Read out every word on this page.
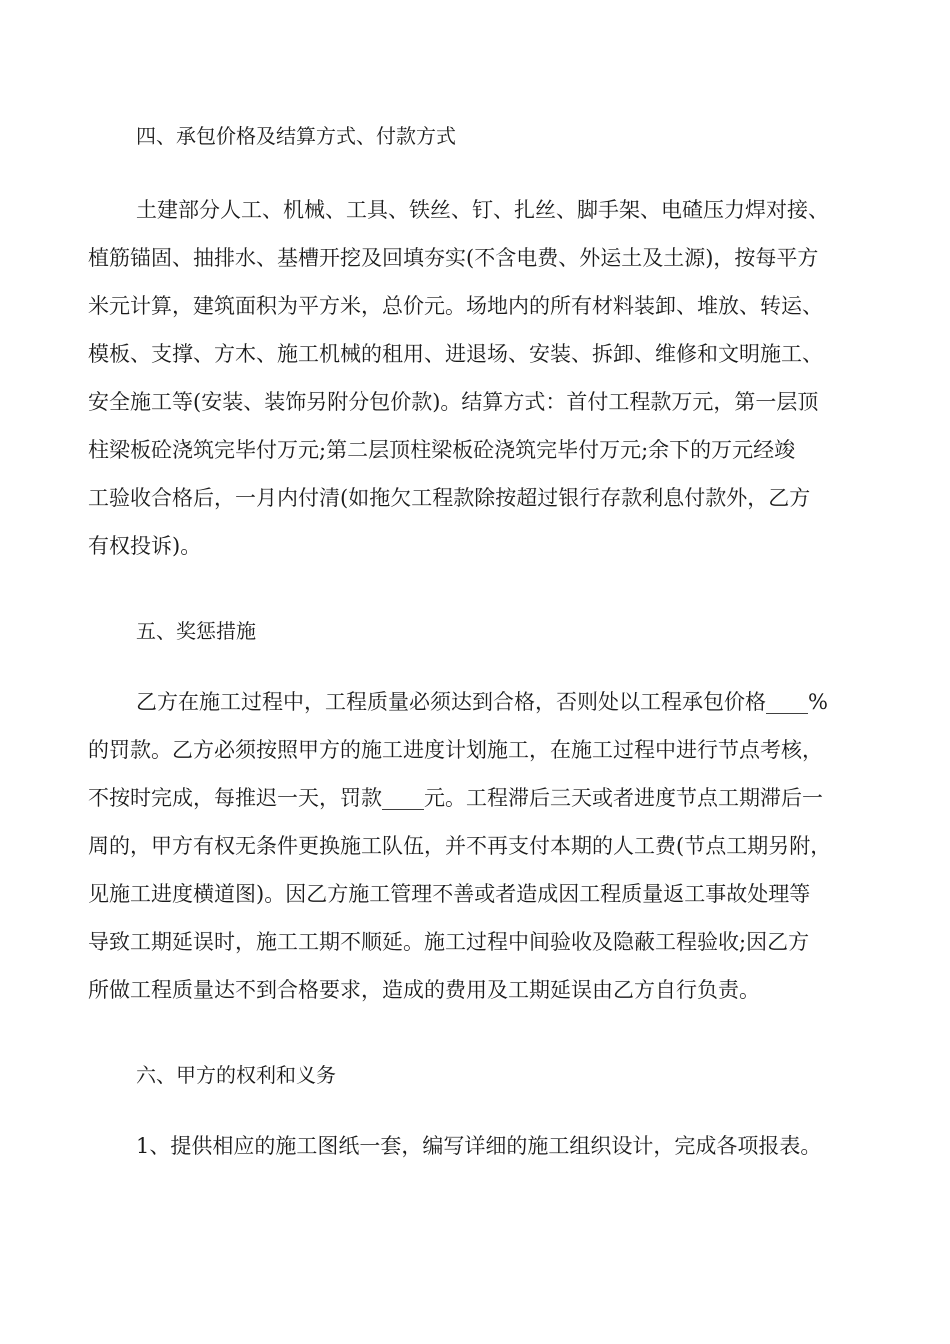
四、承包价格及结算方式、付款方式
土建部分人工、机械、工具、铁丝、钉、扎丝、脚手架、电碴压力焊对接、
植筋锚固、抽排水、基槽开挖及回填夯实(不含电费、外运土及土源)，按每平方
米元计算，建筑面积为平方米，总价元。场地内的所有材料装卸、堆放、转运、
模板、支撑、方木、施工机械的租用、进退场、安装、拆卸、维修和文明施工、
安全施工等(安装、装饰另附分包价款)。结算方式：首付工程款万元，第一层顶
柱梁板砼浇筑完毕付万元;第二层顶柱梁板砼浇筑完毕付万元;余下的万元经竣
工验收合格后，一月内付清(如拖欠工程款除按超过银行存款利息付款外，乙方
有权投诉)。
五、奖惩措施
乙方在施工过程中，工程质量必须达到合格，否则处以工程承包价格____%
的罚款。乙方必须按照甲方的施工进度计划施工，在施工过程中进行节点考核，
不按时完成，每推迟一天，罚款____元。工程滞后三天或者进度节点工期滞后一
周的，甲方有权无条件更换施工队伍，并不再支付本期的人工费(节点工期另附，
见施工进度横道图)。因乙方施工管理不善或者造成因工程质量返工事故处理等
导致工期延误时，施工工期不顺延。施工过程中间验收及隐蔽工程验收;因乙方
所做工程质量达不到合格要求，造成的费用及工期延误由乙方自行负责。
六、甲方的权利和义务
1、提供相应的施工图纸一套，编写详细的施工组织设计，完成各项报表。
